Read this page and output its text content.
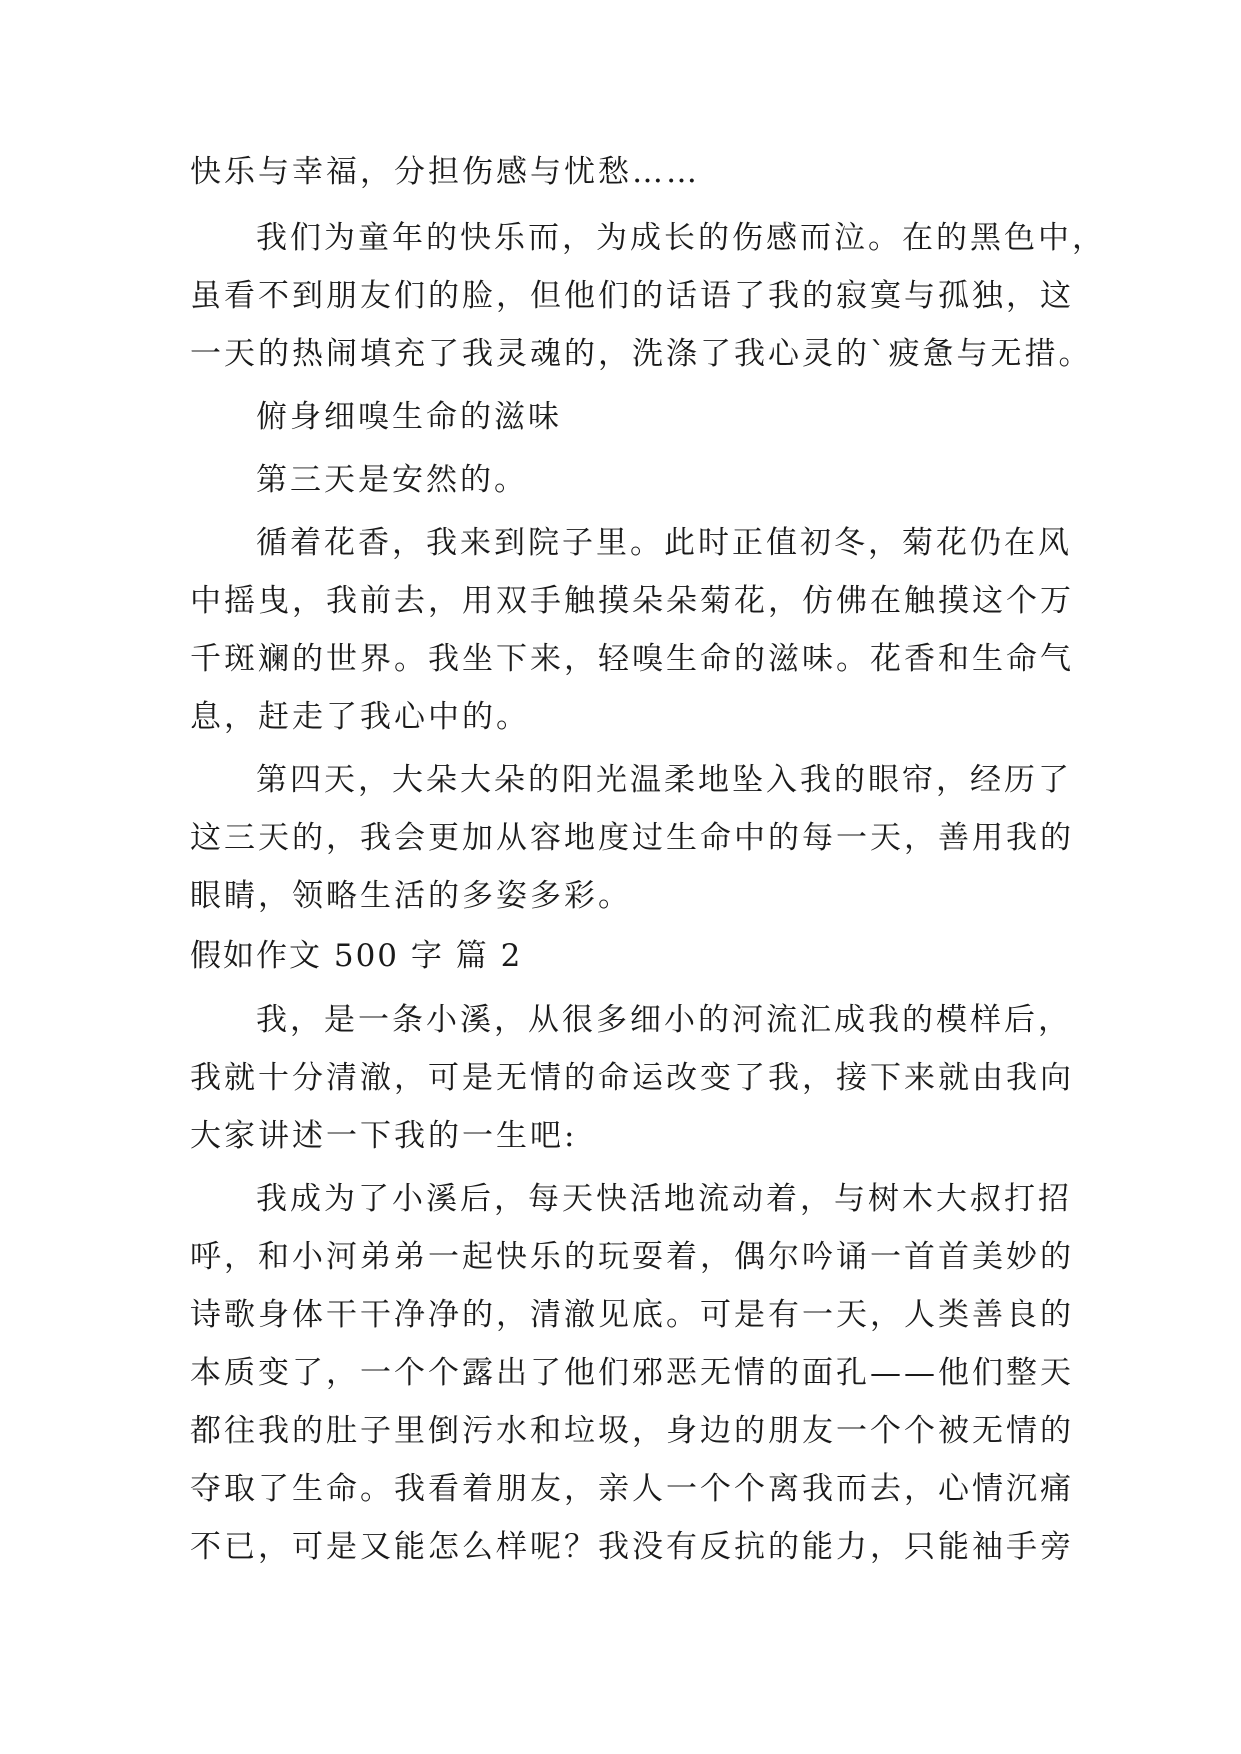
快乐与幸福，分担伤感与忧愁……
我们为童年的快乐而，为成长的伤感而泣。在的黑色中，
虽看不到朋友们的脸，但他们的话语了我的寂寞与孤独，这
一天的热闹填充了我灵魂的，洗涤了我心灵的`疲惫与无措。
俯身细嗅生命的滋味
第三天是安然的。
循着花香，我来到院子里。此时正值初冬，菊花仍在风
中摇曳，我前去，用双手触摸朵朵菊花，仿佛在触摸这个万
千斑斓的世界。我坐下来，轻嗅生命的滋味。花香和生命气
息，赶走了我心中的。
第四天，大朵大朵的阳光温柔地坠入我的眼帘，经历了
这三天的，我会更加从容地度过生命中的每一天，善用我的
眼睛，领略生活的多姿多彩。
假如作文 500 字 篇 2
我，是一条小溪，从很多细小的河流汇成我的模样后，
我就十分清澈，可是无情的命运改变了我，接下来就由我向
大家讲述一下我的一生吧:
我成为了小溪后，每天快活地流动着，与树木大叔打招
呼，和小河弟弟一起快乐的玩耍着，偶尔吟诵一首首美妙的
诗歌身体干干净净的，清澈见底。可是有一天，人类善良的
本质变了，一个个露出了他们邪恶无情的面孔——他们整天
都往我的肚子里倒污水和垃圾，身边的朋友一个个被无情的
夺取了生命。我看着朋友，亲人一个个离我而去，心情沉痛
不已，可是又能怎么样呢？我没有反抗的能力，只能袖手旁
